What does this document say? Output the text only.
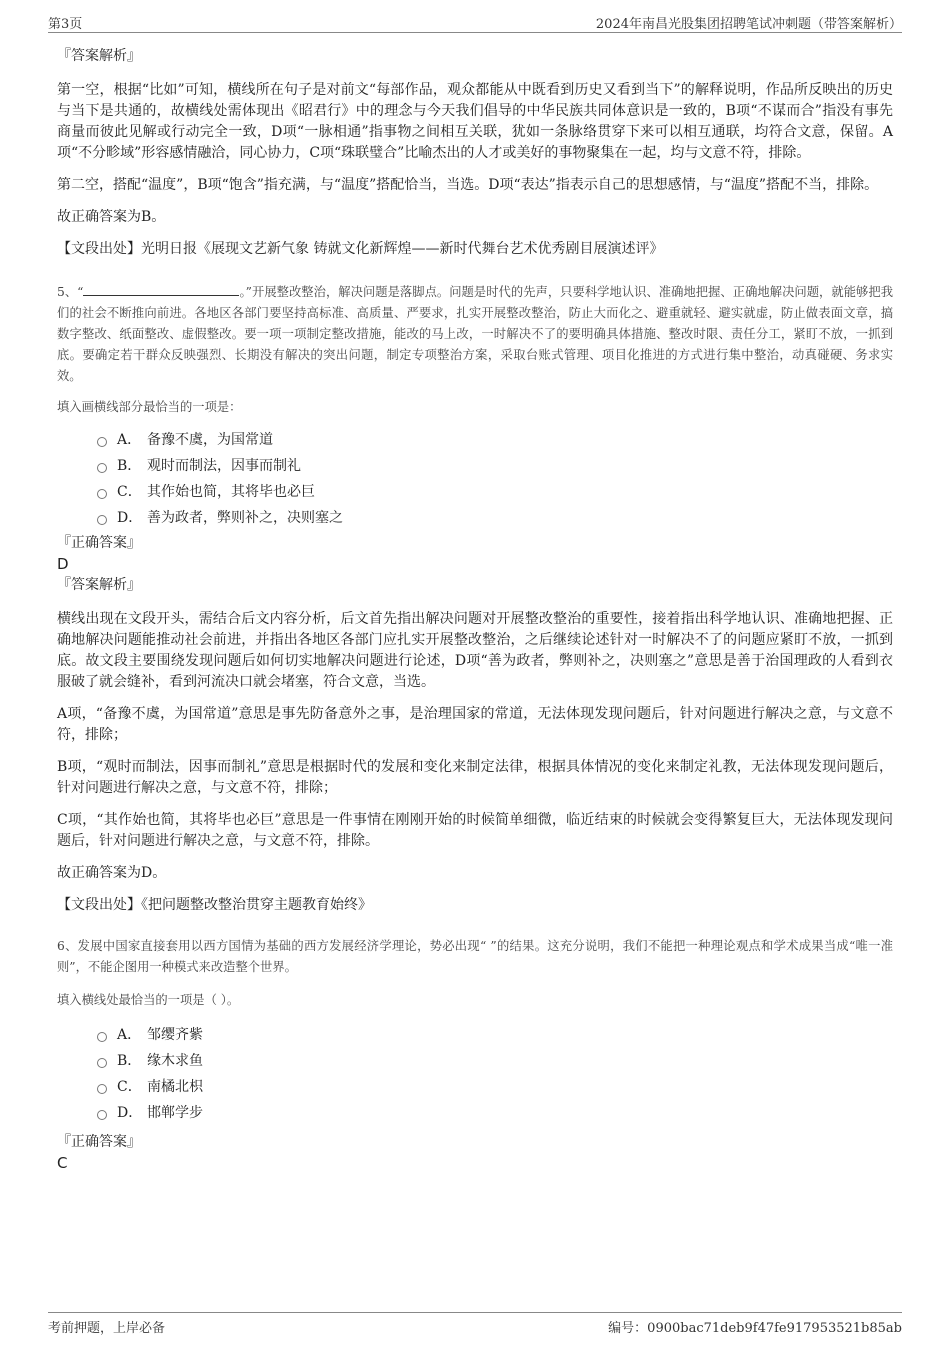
第3页	2024年南昌光股集团招聘笔试冲刺题（带答案解析）

『答案解析』

第一空，根据“比如”可知，横线所在句子是对前文“每部作品，观众都能从中既看到历史又看到当下”的解释说明，作品所反映出的历史与当下是共通的，故横线处需体现出《昭君行》中的理念与今天我们倡导的中华民族共同体意识是一致的，B项“不谋而合”指没有事先商量而彼此见解或行动完全一致，D项“一脉相通”指事物之间相互关联，犹如一条脉络贯穿下来可以相互通联，均符合文意，保留。A项“不分畛域”形容感情融洽，同心协力，C项“珠联璧合”比喻杰出的人才或美好的事物聚集在一起，均与文意不符，排除。

第二空，搭配“温度”，B项“饱含”指充满，与“温度”搭配恰当，当选。D项“表达”指表示自己的思想感情，与“温度”搭配不当，排除。

故正确答案为B。

【文段出处】光明日报《展现文艺新气象 铸就文化新辉煌——新时代舞台艺术优秀剧目展演述评》

5、“	。”开展整改整治，解决问题是落脚点。问题是时代的先声，只要科学地认识、准确地把握、正确地解决问题，就能够把我们的社会不断推向前进。各地区各部门要坚持高标准、高质量、严要求，扎实开展整改整治，防止大而化之、避重就轻、避实就虚，防止做表面文章，搞数字整改、纸面整改、虚假整改。要一项一项制定整改措施，能改的马上改，一时解决不了的要明确具体措施、整改时限、责任分工，紧盯不放，一抓到底。要确定若干群众反映强烈、长期没有解决的突出问题，制定专项整治方案，采取台账式管理、项目化推进的方式进行集中整治，动真碰硬、务求实效。

填入画横线部分最恰当的一项是：

A． 备豫不虞，为国常道
B． 观时而制法，因事而制礼
C． 其作始也简，其将毕也必巨
D． 善为政者，弊则补之，决则塞之

『正确答案』

D

『答案解析』

横线出现在文段开头，需结合后文内容分析，后文首先指出解决问题对开展整改整治的重要性，接着指出科学地认识、准确地把握、正确地解决问题能推动社会前进，并指出各地区各部门应扎实开展整改整治，之后继续论述针对一时解决不了的问题应紧盯不放，一抓到底。故文段主要围绕发现问题后如何切实地解决问题进行论述，D项“善为政者，弊则补之，决则塞之”意思是善于治国理政的人看到衣服破了就会缝补，看到河流决口就会堵塞，符合文意，当选。

A项，“备豫不虞，为国常道”意思是事先防备意外之事，是治理国家的常道，无法体现发现问题后，针对问题进行解决之意，与文意不符，排除；

B项，“观时而制法，因事而制礼”意思是根据时代的发展和变化来制定法律，根据具体情况的变化来制定礼教，无法体现发现问题后，针对问题进行解决之意，与文意不符，排除；

C项，“其作始也简，其将毕也必巨”意思是一件事情在刚刚开始的时候简单细微，临近结束的时候就会变得繁复巨大，无法体现发现问题后，针对问题进行解决之意，与文意不符，排除。

故正确答案为D。

【文段出处】《把问题整改整治贯穿主题教育始终》

6、发展中国家直接套用以西方国情为基础的西方发展经济学理论，势必出现“ ”的结果。这充分说明，我们不能把一种理论观点和学术成果当成“唯一准则”，不能企图用一种模式来改造整个世界。

填入横线处最恰当的一项是（ ）。

A． 邹缨齐紫
B． 缘木求鱼
C． 南橘北枳
D． 邯郸学步

『正确答案』

C

考前押题，上岸必备	编号：0900bac71deb9f47fe917953521b85ab
